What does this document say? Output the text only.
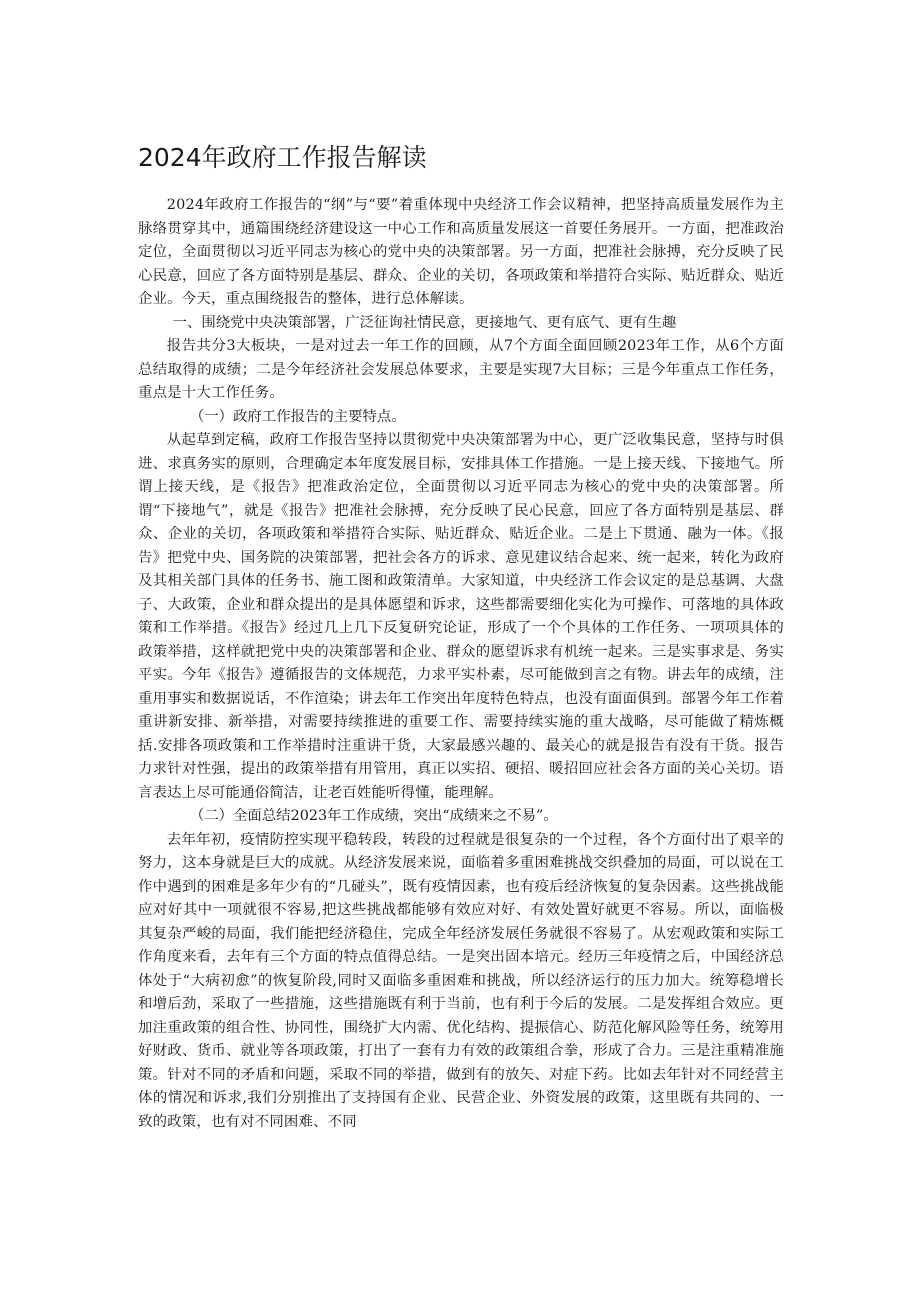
2024年政府工作报告解读

2024年政府工作报告的“纲”与“要”着重体现中央经济工作会议精神，把坚持高质量发展作为主脉络贯穿其中，通篇围绕经济建设这一中心工作和高质量发展这一首要任务展开。一方面，把准政治定位，全面贯彻以习近平同志为核心的党中央的决策部署。另一方面，把准社会脉搏，充分反映了民心民意，回应了各方面特别是基层、群众、企业的关切，各项政策和举措符合实际、贴近群众、贴近企业。今天，重点围绕报告的整体，进行总体解读。

一、围绕党中央决策部署，广泛征询社情民意，更接地气、更有底气、更有生趣

报告共分3大板块，一是对过去一年工作的回顾，从7个方面全面回顾2023年工作，从6个方面总结取得的成绩；二是今年经济社会发展总体要求，主要是实现7大目标；三是今年重点工作任务，重点是十大工作任务。

（一）政府工作报告的主要特点。

从起草到定稿，政府工作报告坚持以贯彻党中央决策部署为中心，更广泛收集民意，坚持与时俱进、求真务实的原则，合理确定本年度发展目标，安排具体工作措施。一是上接天线、下接地气。所谓上接天线，是《报告》把准政治定位，全面贯彻以习近平同志为核心的党中央的决策部署。所谓“下接地气”，就是《报告》把准社会脉搏，充分反映了民心民意，回应了各方面特别是基层、群众、企业的关切，各项政策和举措符合实际、贴近群众、贴近企业。二是上下贯通、融为一体。《报告》把党中央、国务院的决策部署，把社会各方的诉求、意见建议结合起来、统一起来，转化为政府及其相关部门具体的任务书、施工图和政策清单。大家知道，中央经济工作会议定的是总基调、大盘子、大政策，企业和群众提出的是具体愿望和诉求，这些都需要细化实化为可操作、可落地的具体政策和工作举措。《报告》经过几上几下反复研究论证，形成了一个个具体的工作任务、一项项具体的政策举措，这样就把党中央的决策部署和企业、群众的愿望诉求有机统一起来。三是实事求是、务实平实。今年《报告》遵循报告的文体规范，力求平实朴素，尽可能做到言之有物。讲去年的成绩，注重用事实和数据说话，不作渲染；讲去年工作突出年度特色特点，也没有面面俱到。部署今年工作着重讲新安排、新举措，对需要持续推进的重要工作、需要持续实施的重大战略，尽可能做了精炼概括.安排各项政策和工作举措时注重讲干货，大家最感兴趣的、最关心的就是报告有没有干货。报告力求针对性强，提出的政策举措有用管用，真正以实招、硬招、暖招回应社会各方面的关心关切。语言表达上尽可能通俗简洁，让老百姓能听得懂，能理解。

（二）全面总结2023年工作成绩，突出“成绩来之不易”。

去年年初，疫情防控实现平稳转段，转段的过程就是很复杂的一个过程，各个方面付出了艰辛的努力，这本身就是巨大的成就。从经济发展来说，面临着多重困难挑战交织叠加的局面，可以说在工作中遇到的困难是多年少有的“几碰头”，既有疫情因素，也有疫后经济恢复的复杂因素。这些挑战能应对好其中一项就很不容易,把这些挑战都能够有效应对好、有效处置好就更不容易。所以，面临极其复杂严峻的局面，我们能把经济稳住，完成全年经济发展任务就很不容易了。从宏观政策和实际工作角度来看，去年有三个方面的特点值得总结。一是突出固本培元。经历三年疫情之后，中国经济总体处于“大病初愈”的恢复阶段,同时又面临多重困难和挑战，所以经济运行的压力加大。统筹稳增长和增后劲，采取了一些措施，这些措施既有利于当前，也有利于今后的发展。二是发挥组合效应。更加注重政策的组合性、协同性，围绕扩大内需、优化结构、提振信心、防范化解风险等任务，统筹用好财政、货币、就业等各项政策，打出了一套有力有效的政策组合拳，形成了合力。三是注重精准施策。针对不同的矛盾和问题，采取不同的举措，做到有的放矢、对症下药。比如去年针对不同经营主体的情况和诉求,我们分别推出了支持国有企业、民营企业、外资发展的政策，这里既有共同的、一致的政策，也有对不同困难、不同
